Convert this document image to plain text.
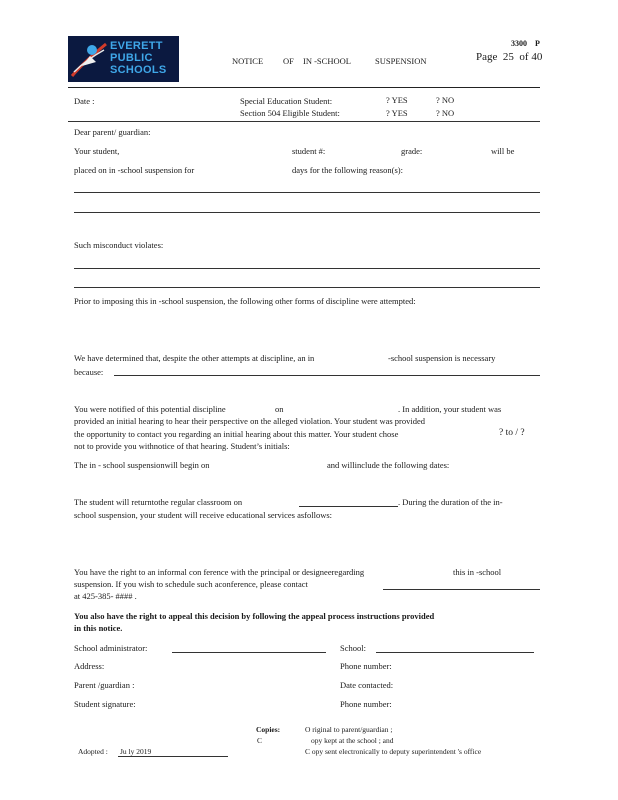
EVERETT
PUBLIC
SCHOOLS
NOTICE OF IN -SCHOOL	SUSPENSION
3300 P
Page 25 of 40
Date :	Special Education Student:	? YES	? NO
Section 504 Eligible Student:	? YES	? NO
Dear parent/ guardian:
Your student,	student #:	grade:	will be
placed on in -school suspension for	days for the following reason(s):
Such misconduct violates:
Prior to imposing this in -school suspension, the following other forms of discipline were attempted:
We have determined that, despite the other attempts at discipline, an in	-school suspension is necessary
because:
You were notified of this potential discipline	on	. In addition, your student was
provided an initial hearing to hear their perspective on the alleged violation. Your student was provided
the opportunity to contact you regarding an initial hearing about this matter. Your student chose	? to / ?
not to provide you withnotice of that hearing. Student’s initials:
The in - school suspensionwill begin on	and willinclude the following dates:
The student will returntothe regular classroom on	. During the duration of the in-
school suspension, your student will receive educational services asfollows:
You have the right to an informal con ference with the principal or designeeregarding	this in -school
suspension. If you wish to schedule such aconference, please contact
at 425-385- #### .
You also have the right to appeal this decision by following the appeal process instructions provided
in this notice.
School administrator:	School:
Address:	Phone number:
Parent /guardian :	Date contacted:
Student signature:	Phone number:
Copies:
C
O riginal to parent/guardian ;
opy kept at the school ; and
C opy sent electronically to deputy superintendent 's office
Adopted : Ju ly 2019
